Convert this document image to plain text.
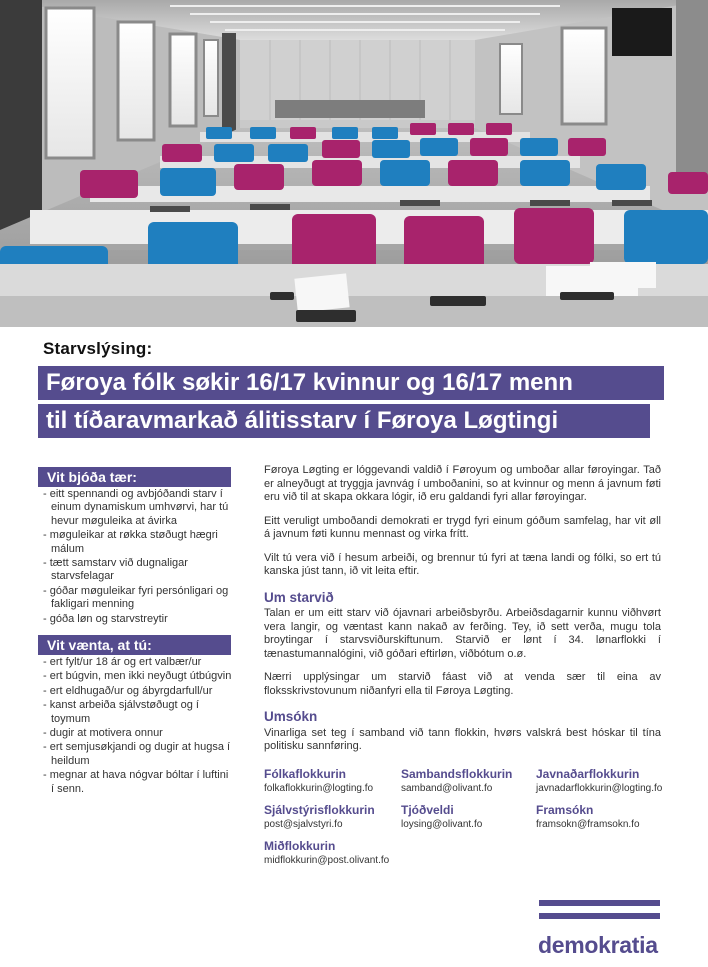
Starvslýsing:
Føroya fólk søkir 16/17 kvinnur og 16/17 menn
til tíðaravmarkað álitisstarv í Føroya Løgtingi
Vit bjóða tær:
- eitt spennandi og avbjóðandi starv í einum dynamiskum umhvørvi, har tú hevur møguleika at ávirka
- møguleikar at røkka støðugt hægri málum
- tætt samstarv við dugnaligar starvsfelagar
- góðar møguleikar fyri persónligari og fakligari menning
- góða løn og starvstreytir
Vit vænta, at tú:
- ert fylt/ur 18 ár og ert valbær/ur
- ert búgvin, men ikki neyðugt útbúgvin
- ert eldhugað/ur og ábyrgdarfull/ur
- kanst arbeiða sjálvstøðugt og í toymum
- dugir at motivera onnur
- ert semjusøkjandi og dugir at hugsa í heildum
- megnar at hava nógvar bóltar í luftini í senn.

Føroya Løgting er lóggevandi valdið í Føroyum og umboðar allar føroyingar. Tað er alneyðugt at tryggja javnvág í umboðanini, so at kvinnur og menn á javnum føti eru við til at skapa okkara lógir, ið eru galdandi fyri allar føroyingar.

Eitt veruligt umboðandi demokrati er trygd fyri einum góðum samfelag, har vit øll á javnum føti kunnu mennast og virka frítt.

Vilt tú vera við í hesum arbeiði, og brennur tú fyri at tæna landi og fólki, so ert tú kanska júst tann, ið vit leita eftir.

Um starvið

Talan er um eitt starv við ójavnari arbeiðsbyrðu. Arbeiðsdagarnir kunnu viðhvørt vera langir, og væntast kann nakað av ferðing. Tey, ið sett verða, mugu tola broytingar í starvsviðurskiftunum. Starvið er lønt í 34. lønarflokki í tænastumannalógini, við góðari eftirløn, viðbótum o.ø.

Nærri upplýsingar um starvið fáast við at venda sær til eina av floksskrivstovunum niðanfyri ella til Føroya Løgting.

Umsókn

Vinarliga set teg í samband við tann flokkin, hvørs valskrá best hóskar til tína politisku sannføring.

Fólkaflokkurin
folkaflokkurin@logting.fo
Sambandsflokkurin
samband@olivant.fo
Javnaðarflokkurin
javnadarflokkurin@logting.fo
Sjálvstýrisflokkurin
post@sjalvstyri.fo
Tjóðveldi
loysing@olivant.fo
Framsókn
framsokn@framsokn.fo
Miðflokkurin
midflokkurin@post.olivant.fo
demokratia
